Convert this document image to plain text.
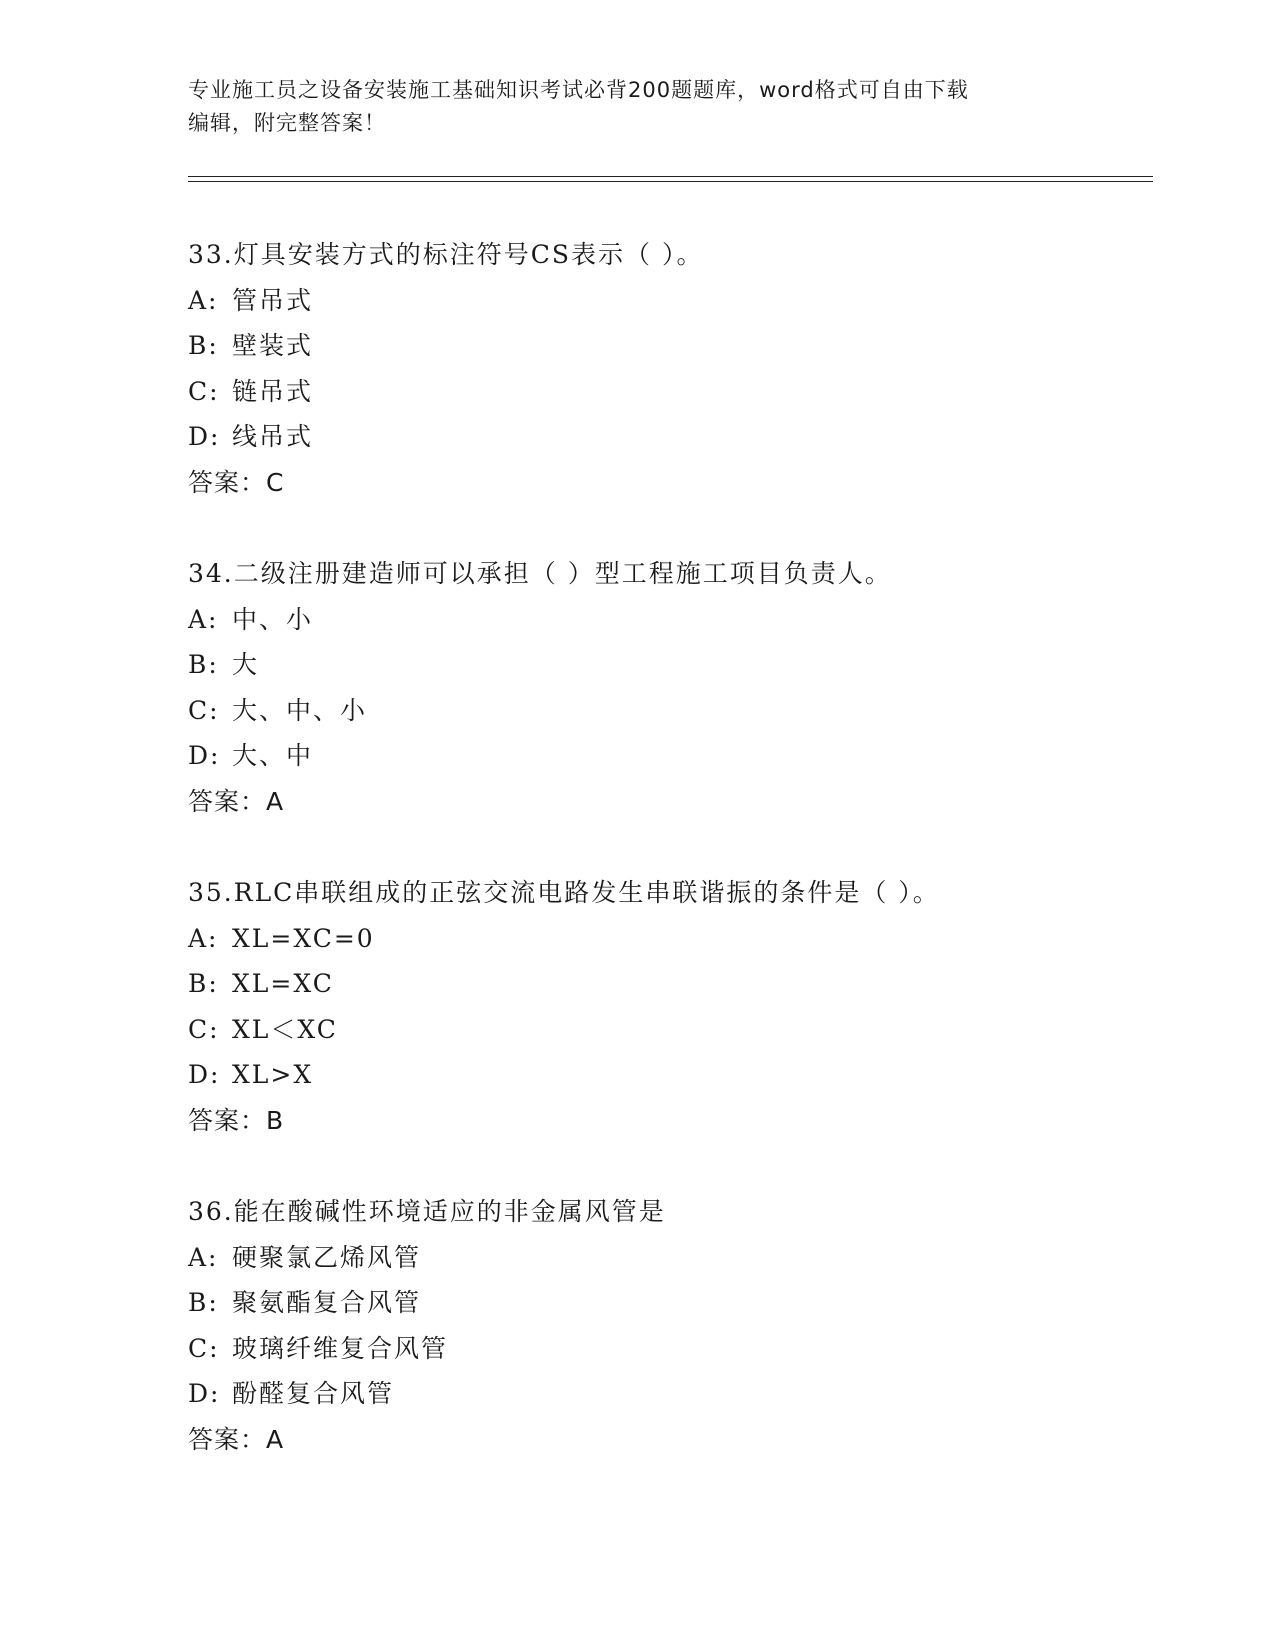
专业施工员之设备安装施工基础知识考试必背200题题库，word格式可自由下载
编辑，附完整答案！
33.灯具安装方式的标注符号CS表示（ ）。
A: 管吊式
B: 壁装式
C: 链吊式
D: 线吊式
答案：C
34.二级注册建造师可以承担（ ）型工程施工项目负责人。
A: 中、小
B: 大
C: 大、中、小
D: 大、中
答案：A
35.RLC串联组成的正弦交流电路发生串联谐振的条件是（ ）。
A: XL=XC=0
B: XL=XC
C: XL＜XC
D: XL>X
答案：B
36.能在酸碱性环境适应的非金属风管是
A: 硬聚氯乙烯风管
B: 聚氨酯复合风管
C: 玻璃纤维复合风管
D: 酚醛复合风管
答案：A
